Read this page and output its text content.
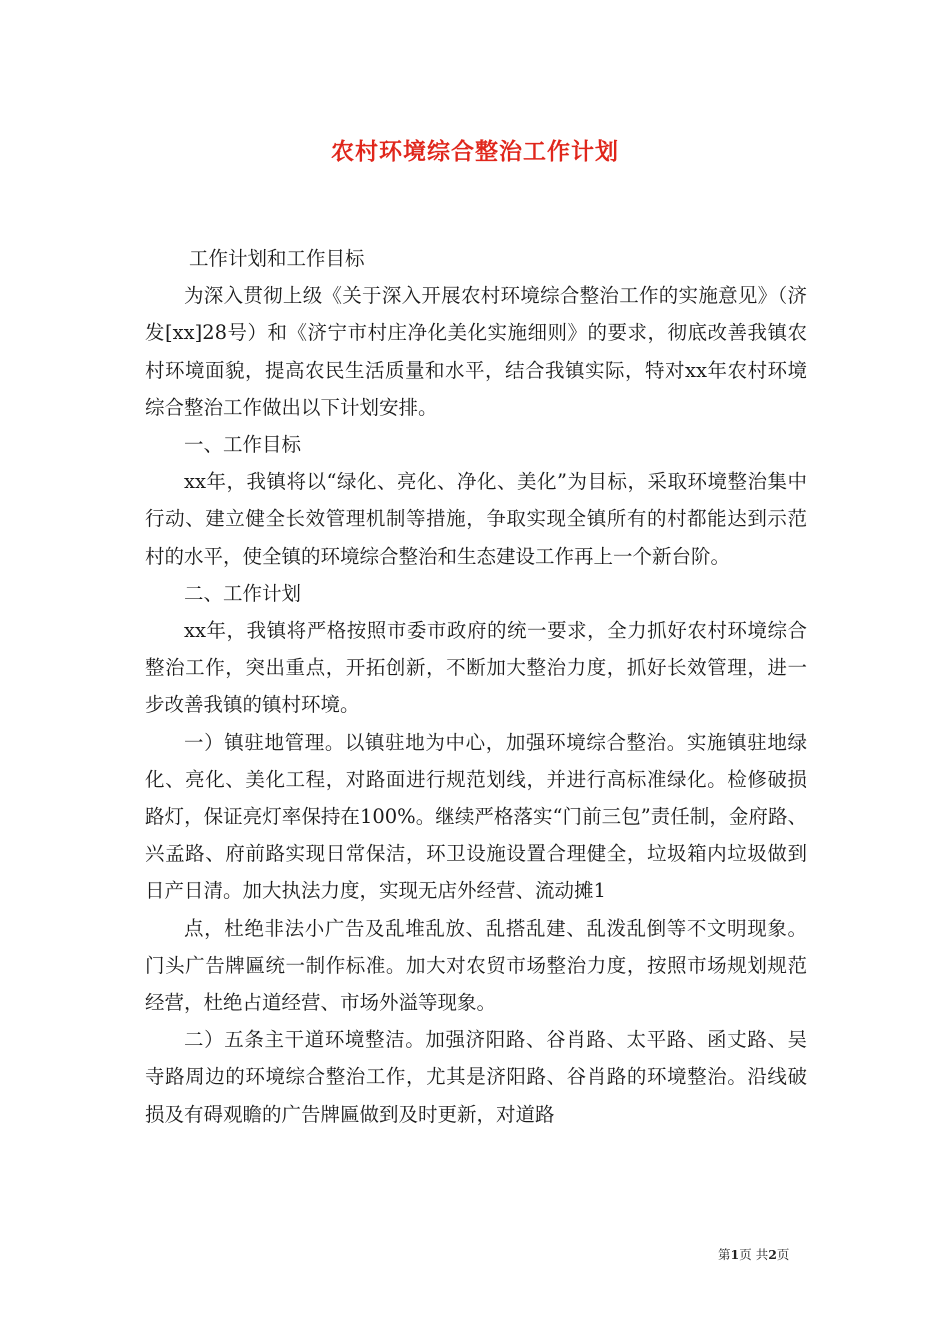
农村环境综合整治工作计划

工作计划和工作目标

为深入贯彻上级《关于深入开展农村环境综合整治工作的实施意见》（济发[xx]28号）和《济宁市村庄净化美化实施细则》的要求，彻底改善我镇农村环境面貌，提高农民生活质量和水平，结合我镇实际，特对xx年农村环境综合整治工作做出以下计划安排。

一、工作目标

xx年，我镇将以“绿化、亮化、净化、美化”为目标，采取环境整治集中行动、建立健全长效管理机制等措施，争取实现全镇所有的村都能达到示范村的水平，使全镇的环境综合整治和生态建设工作再上一个新台阶。

二、工作计划

xx年，我镇将严格按照市委市政府的统一要求，全力抓好农村环境综合整治工作，突出重点，开拓创新，不断加大整治力度，抓好长效管理，进一步改善我镇的镇村环境。

一）镇驻地管理。以镇驻地为中心，加强环境综合整治。实施镇驻地绿化、亮化、美化工程，对路面进行规范划线，并进行高标准绿化。检修破损路灯，保证亮灯率保持在100%。继续严格落实“门前三包”责任制，金府路、兴孟路、府前路实现日常保洁，环卫设施设置合理健全，垃圾箱内垃圾做到日产日清。加大执法力度，实现无店外经营、流动摊1

点，杜绝非法小广告及乱堆乱放、乱搭乱建、乱泼乱倒等不文明现象。门头广告牌匾统一制作标准。加大对农贸市场整治力度，按照市场规划规范经营，杜绝占道经营、市场外溢等现象。

二）五条主干道环境整洁。加强济阳路、谷肖路、太平路、函丈路、吴寺路周边的环境综合整治工作，尤其是济阳路、谷肖路的环境整治。沿线破损及有碍观瞻的广告牌匾做到及时更新，对道路

第1页 共2页
